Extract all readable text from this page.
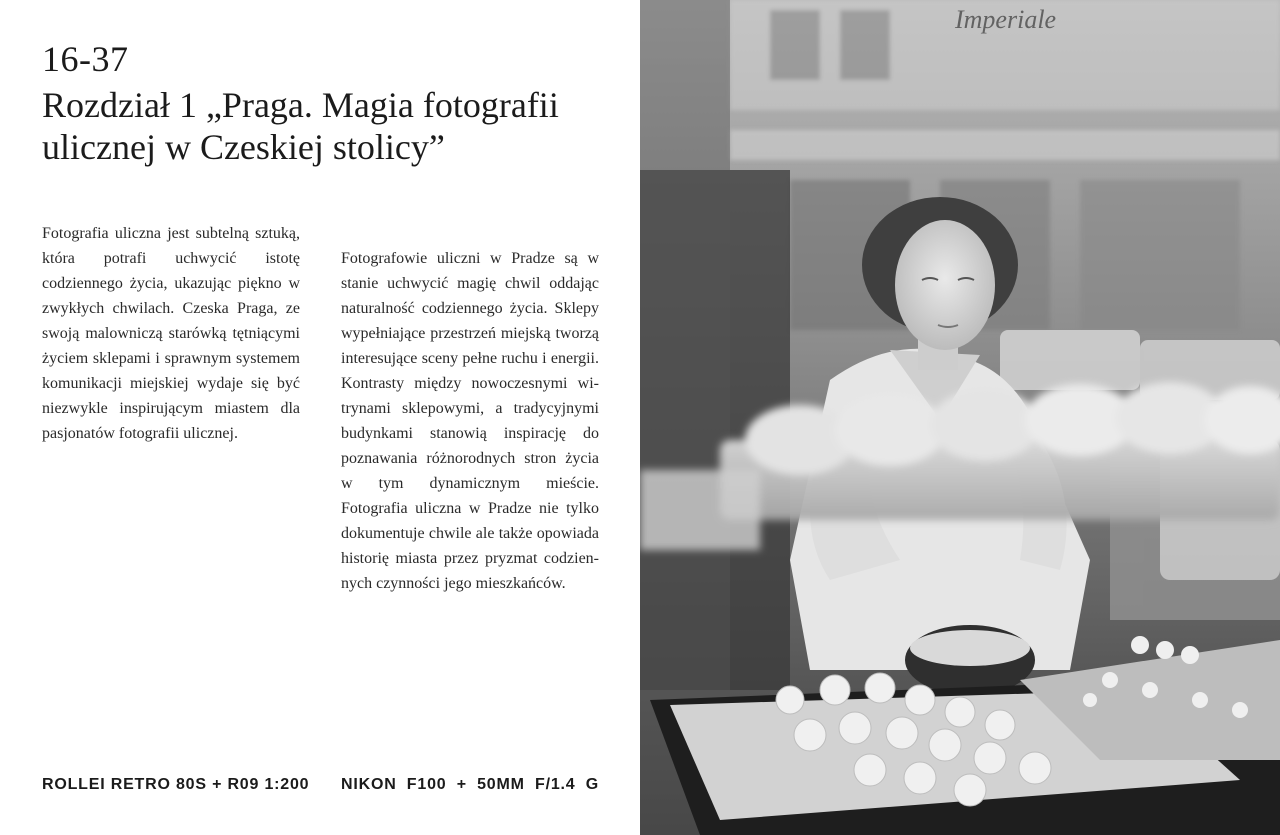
16-37
Rozdział 1 „Praga. Magia fotografii ulicznej w Czeskiej stolicy”
Fotografia uliczna jest subtelną sztuką, która potrafi uchwycić istotę codziennego życia, ukazując piękno w zwykłych chwilach. Czeska Praga, ze swoją malowniczą starówką tętniącymi życiem sklepami i sprawnym systemem komunikacji miejskiej wydaje się być niezwykle inspirującym miastem dla pasjonatów fotografii ulicznej.
Fotografowie uliczni w Pradze są w stanie uchwycić magię chwil oddając naturalność codziennego życia. Sklepy wypełniające przestrzeń miejską tworzą interesujące sceny pełne ruchu i energii. Kontrasty między nowoczesnymi witrynami sklepowymi, a tradycyjnymi budynkami stanowią inspirację do poznawania różnorodnych stron życia w tym dynamicznym mieście. Fotografia uliczna w Pradze nie tylko dokumentuje chwile ale także opowiada historię miasta przez pryzmat codziennych czynności jego mieszkańców.
ROLLEI RETRO 80S + R09 1:200 NIKON F100 + 50MM F/1.4 G
Imperiale
